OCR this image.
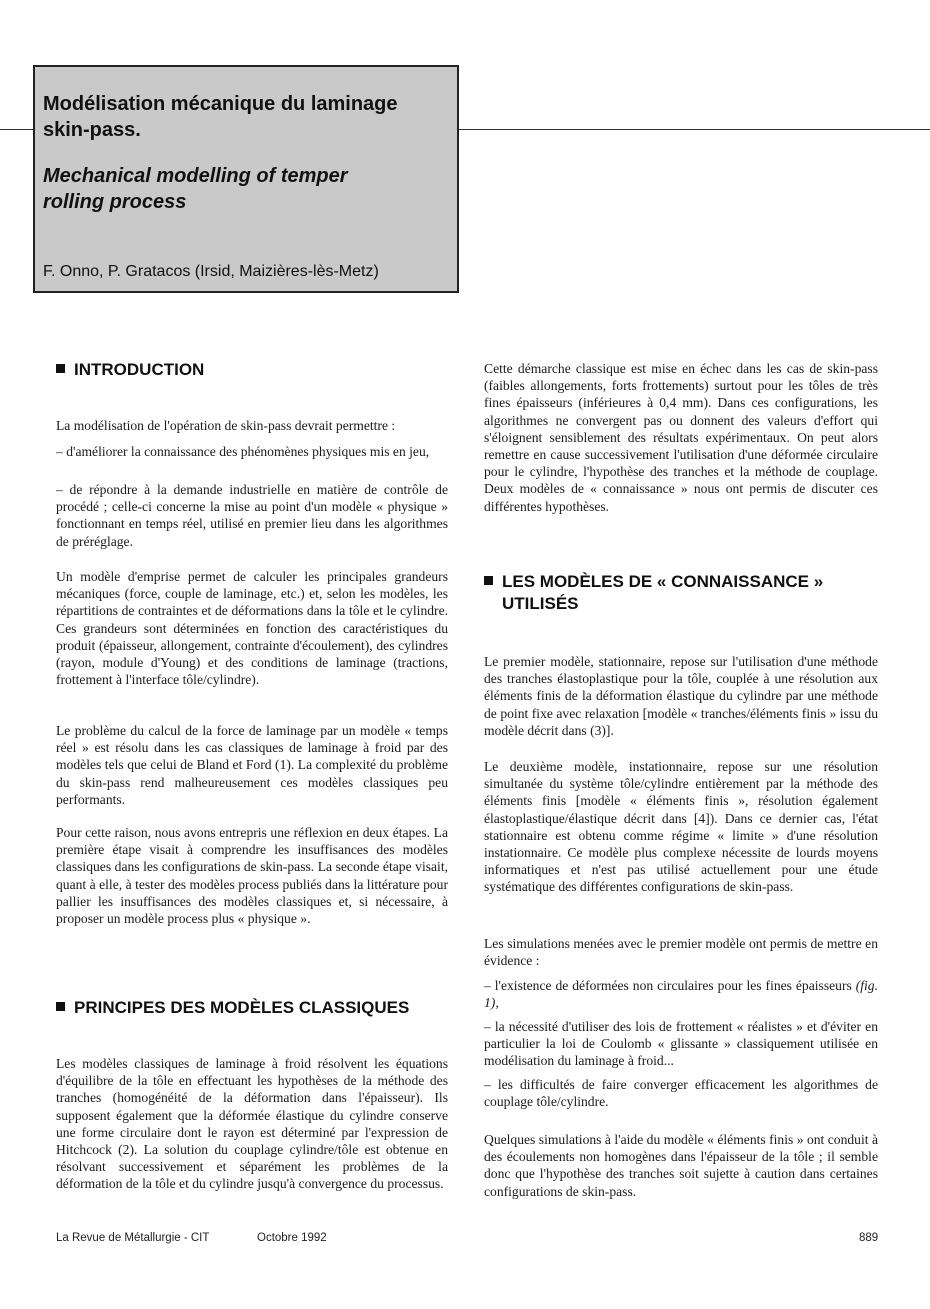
Modélisation mécanique du laminage
skin-pass.
Mechanical modelling of temper
rolling process
F. Onno, P. Gratacos (Irsid, Maizières-lès-Metz)
INTRODUCTION

La modélisation de l'opération de skin-pass devrait permettre :

– d'améliorer la connaissance des phénomènes physiques mis en jeu,

– de répondre à la demande industrielle en matière de contrôle de procédé ; celle-ci concerne la mise au point d'un modèle « physique » fonctionnant en temps réel, utilisé en premier lieu dans les algorithmes de préréglage.

Un modèle d'emprise permet de calculer les principales grandeurs mécaniques (force, couple de laminage, etc.) et, selon les modèles, les répartitions de contraintes et de déformations dans la tôle et le cylindre. Ces grandeurs sont déterminées en fonction des caractéristiques du produit (épaisseur, allongement, contrainte d'écoulement), des cylindres (rayon, module d'Young) et des conditions de laminage (tractions, frottement à l'interface tôle/cylindre).

Le problème du calcul de la force de laminage par un modèle « temps réel » est résolu dans les cas classiques de laminage à froid par des modèles tels que celui de Bland et Ford (1). La complexité du problème du skin-pass rend malheureusement ces modèles classiques peu performants.

Pour cette raison, nous avons entrepris une réflexion en deux étapes. La première étape visait à comprendre les insuffisances des modèles classiques dans les configurations de skin-pass. La seconde étape visait, quant à elle, à tester des modèles process publiés dans la littérature pour pallier les insuffisances des modèles classiques et, si nécessaire, à proposer un modèle process plus « physique ».

PRINCIPES DES MODÈLES CLASSIQUES

Les modèles classiques de laminage à froid résolvent les équations d'équilibre de la tôle en effectuant les hypothèses de la méthode des tranches (homogénéité de la déformation dans l'épaisseur). Ils supposent également que la déformée élastique du cylindre conserve une forme circulaire dont le rayon est déterminé par l'expression de Hitchcock (2). La solution du couplage cylindre/tôle est obtenue en résolvant successivement et séparément les problèmes de la déformation de la tôle et du cylindre jusqu'à convergence du processus.

Cette démarche classique est mise en échec dans les cas de skin-pass (faibles allongements, forts frottements) surtout pour les tôles de très fines épaisseurs (inférieures à 0,4 mm). Dans ces configurations, les algorithmes ne convergent pas ou donnent des valeurs d'effort qui s'éloignent sensiblement des résultats expérimentaux. On peut alors remettre en cause successivement l'utilisation d'une déformée circulaire pour le cylindre, l'hypothèse des tranches et la méthode de couplage. Deux modèles de « connaissance » nous ont permis de discuter ces différentes hypothèses.

LES MODÈLES DE « CONNAISSANCE »
UTILISÉS

Le premier modèle, stationnaire, repose sur l'utilisation d'une méthode des tranches élastoplastique pour la tôle, couplée à une résolution aux éléments finis de la déformation élastique du cylindre par une méthode de point fixe avec relaxation [modèle « tranches/éléments finis » issu du modèle décrit dans (3)].

Le deuxième modèle, instationnaire, repose sur une résolution simultanée du système tôle/cylindre entièrement par la méthode des éléments finis [modèle « éléments finis », résolution également élastoplastique/élastique décrit dans [4]). Dans ce dernier cas, l'état stationnaire est obtenu comme régime « limite » d'une résolution instationnaire. Ce modèle plus complexe nécessite de lourds moyens informatiques et n'est pas utilisé actuellement pour une étude systématique des différentes configurations de skin-pass.

Les simulations menées avec le premier modèle ont permis de mettre en évidence :

– l'existence de déformées non circulaires pour les fines épaisseurs (fig. 1),

– la nécessité d'utiliser des lois de frottement « réalistes » et d'éviter en particulier la loi de Coulomb « glissante » classiquement utilisée en modélisation du laminage à froid...

– les difficultés de faire converger efficacement les algorithmes de couplage tôle/cylindre.

Quelques simulations à l'aide du modèle « éléments finis » ont conduit à des écoulements non homogènes dans l'épaisseur de la tôle ; il semble donc que l'hypothèse des tranches soit sujette à caution dans certaines configurations de skin-pass.

La Revue de Métallurgie - CIT	Octobre 1992	889
